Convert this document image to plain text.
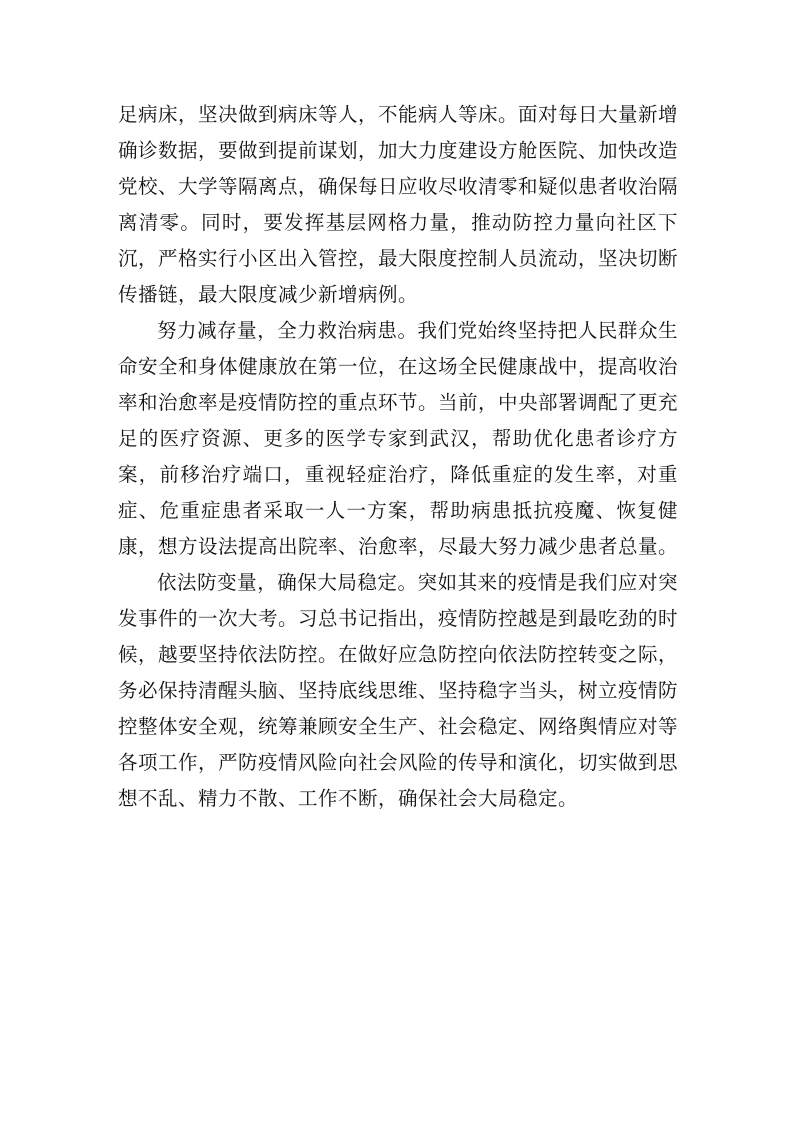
足病床，坚决做到病床等人，不能病人等床。面对每日大量新增确诊数据，要做到提前谋划，加大力度建设方舱医院、加快改造党校、大学等隔离点，确保每日应收尽收清零和疑似患者收治隔离清零。同时，要发挥基层网格力量，推动防控力量向社区下沉，严格实行小区出入管控，最大限度控制人员流动，坚决切断传播链，最大限度减少新增病例。

努力减存量，全力救治病患。我们党始终坚持把人民群众生命安全和身体健康放在第一位，在这场全民健康战中，提高收治率和治愈率是疫情防控的重点环节。当前，中央部署调配了更充足的医疗资源、更多的医学专家到武汉，帮助优化患者诊疗方案，前移治疗端口，重视轻症治疗，降低重症的发生率，对重症、危重症患者采取一人一方案，帮助病患抵抗疫魔、恢复健康，想方设法提高出院率、治愈率，尽最大努力减少患者总量。

依法防变量，确保大局稳定。突如其来的疫情是我们应对突发事件的一次大考。习总书记指出，疫情防控越是到最吃劲的时候，越要坚持依法防控。在做好应急防控向依法防控转变之际，务必保持清醒头脑、坚持底线思维、坚持稳字当头，树立疫情防控整体安全观，统筹兼顾安全生产、社会稳定、网络舆情应对等各项工作，严防疫情风险向社会风险的传导和演化，切实做到思想不乱、精力不散、工作不断，确保社会大局稳定。
